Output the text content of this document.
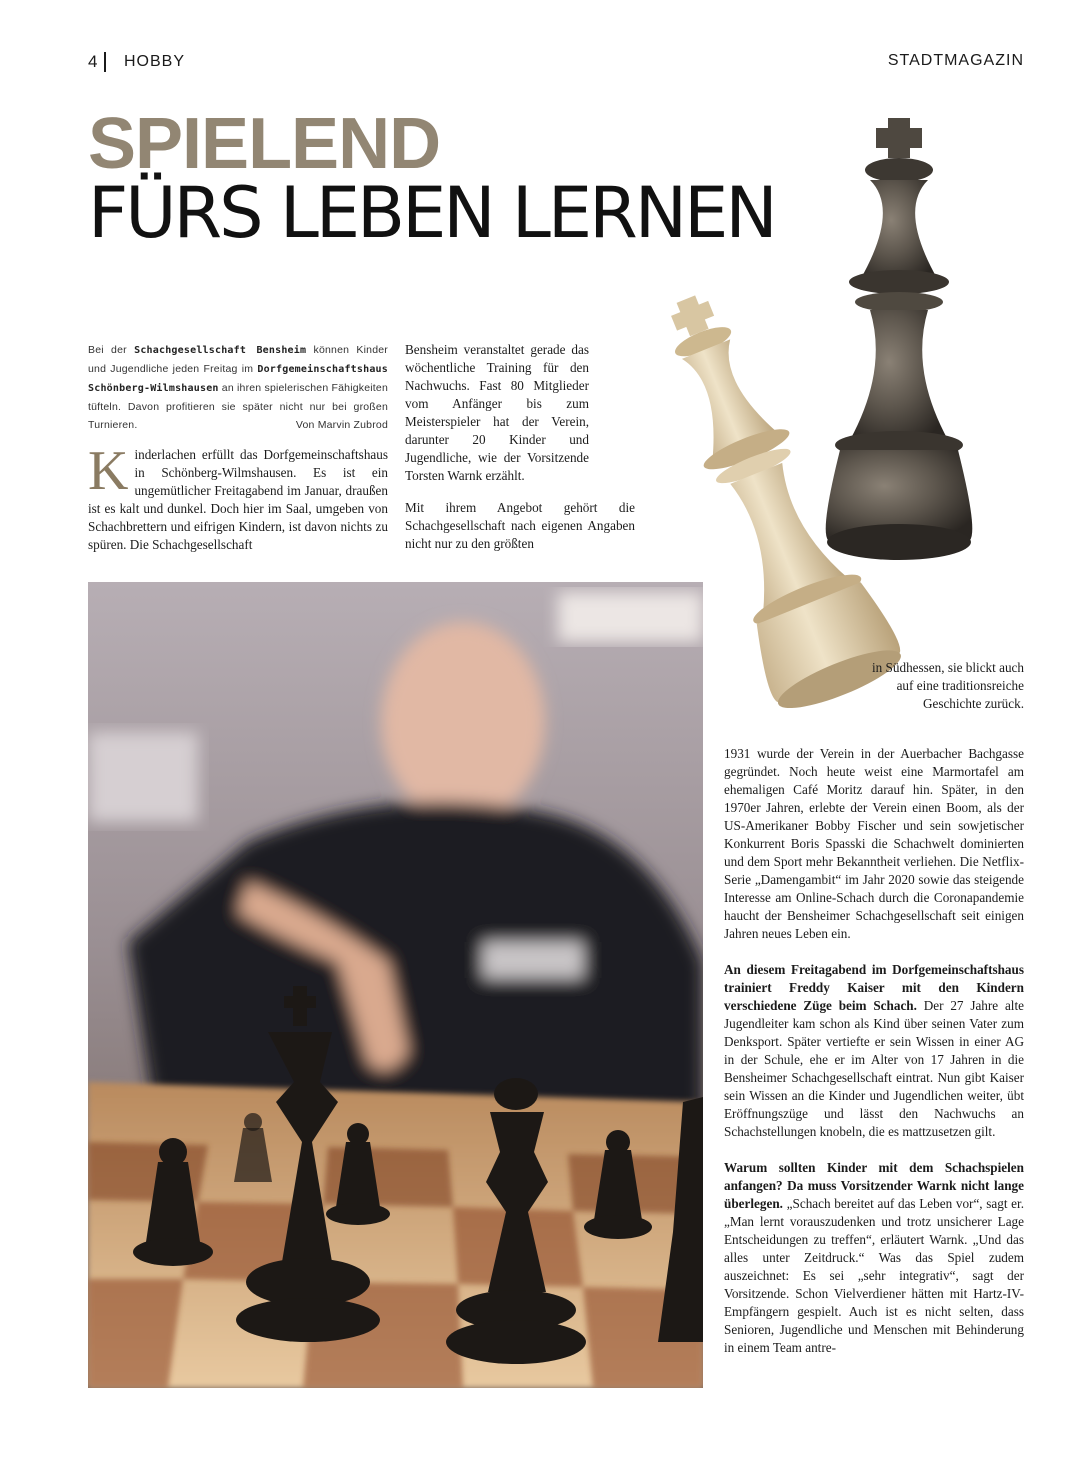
4 HOBBY	STADTMAGAZIN
SPIELEND
FÜRS LEBEN LERNEN
Bei der Schachgesellschaft Bensheim können Kinder und Jugendliche jeden Freitag im Dorfgemeinschaftshaus Schönberg-Wilmshausen an ihren spielerischen Fähigkeiten tüfteln. Davon profitieren sie später nicht nur bei großen Turnieren.	Von Marvin Zubrod

Kinderlachen erfüllt das Dorfgemeinschaftshaus in Schönberg-Wilmshausen. Es ist ein ungemütlicher Freitagabend im Januar, draußen ist es kalt und dunkel. Doch hier im Saal, umgeben von Schachbrettern und eifrigen Kindern, ist davon nichts zu spüren. Die Schachgesellschaft

Bensheim veranstaltet gerade das wöchentliche Training für den Nachwuchs. Fast 80 Mitglieder vom Anfänger bis zum Meisterspieler hat der Verein, darunter 20 Kinder und Jugendliche, wie der Vorsitzende Torsten Warnk erzählt.

Mit ihrem Angebot gehört die Schachgesellschaft nach eigenen Angaben nicht nur zu den größten

in Südhessen, sie blickt auch auf eine traditionsreiche Geschichte zurück.

1931 wurde der Verein in der Auerbacher Bachgasse gegründet. Noch heute weist eine Marmortafel am ehemaligen Café Moritz darauf hin. Später, in den 1970er Jahren, erlebte der Verein einen Boom, als der US-Amerikaner Bobby Fischer und sein sowjetischer Konkurrent Boris Spasski die Schachwelt dominierten und dem Sport mehr Bekanntheit verliehen. Die Netflix-Serie „Damengambit“ im Jahr 2020 sowie das steigende Interesse am Online-Schach durch die Coronapandemie haucht der Bensheimer Schachgesellschaft seit einigen Jahren neues Leben ein.

An diesem Freitagabend im Dorfgemeinschaftshaus trainiert Freddy Kaiser mit den Kindern verschiedene Züge beim Schach. Der 27 Jahre alte Jugendleiter kam schon als Kind über seinen Vater zum Denksport. Später vertiefte er sein Wissen in einer AG in der Schule, ehe er im Alter von 17 Jahren in die Bensheimer Schachgesellschaft eintrat. Nun gibt Kaiser sein Wissen an die Kinder und Jugendlichen weiter, übt Eröffnungszüge und lässt den Nachwuchs an Schachstellungen knobeln, die es mattzusetzen gilt.

Warum sollten Kinder mit dem Schachspielen anfangen? Da muss Vorsitzender Warnk nicht lange überlegen. „Schach bereitet auf das Leben vor“, sagt er. „Man lernt vorauszudenken und trotz unsicherer Lage Entscheidungen zu treffen“, erläutert Warnk. „Und das alles unter Zeitdruck.“ Was das Spiel zudem auszeichnet: Es sei „sehr integrativ“, sagt der Vorsitzende. Schon Vielverdiener hätten mit Hartz-IV-Empfängern gespielt. Auch ist es nicht selten, dass Senioren, Jugendliche und Menschen mit Behinderung in einem Team antre-
